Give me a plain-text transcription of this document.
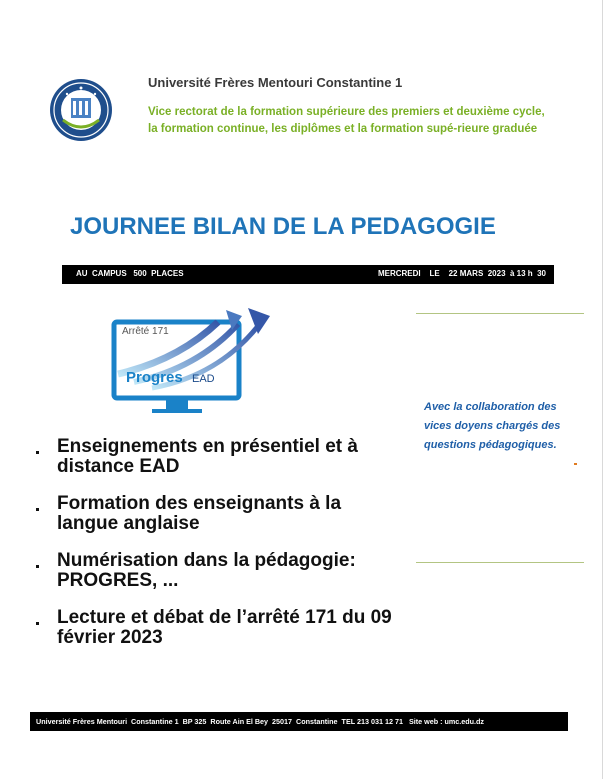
Université Frères Mentouri Constantine 1
Vice rectorat de la formation supérieure des premiers et deuxième cycle, la formation continue, les diplômes et la formation supé-rieure graduée
JOURNEE BILAN DE LA PEDAGOGIE
AU  CAMPUS   500  PLACES	MERCREDI    LE    22 MARS  2023  à 13 h  30
Arrêté 171
Progres EAD
Avec la collaboration des vices doyens chargés des questions pédagogiques.
Enseignements en présentiel et à distance EAD
Formation des enseignants à la langue anglaise
Numérisation dans la pédagogie: PROGRES, ...
Lecture et débat de l’arrêté 171 du 09 février 2023
Université Frères Mentouri  Constantine 1  BP 325  Route Ain El Bey  25017  Constantine  TEL 213 031 12 71   Site web : umc.edu.dz
